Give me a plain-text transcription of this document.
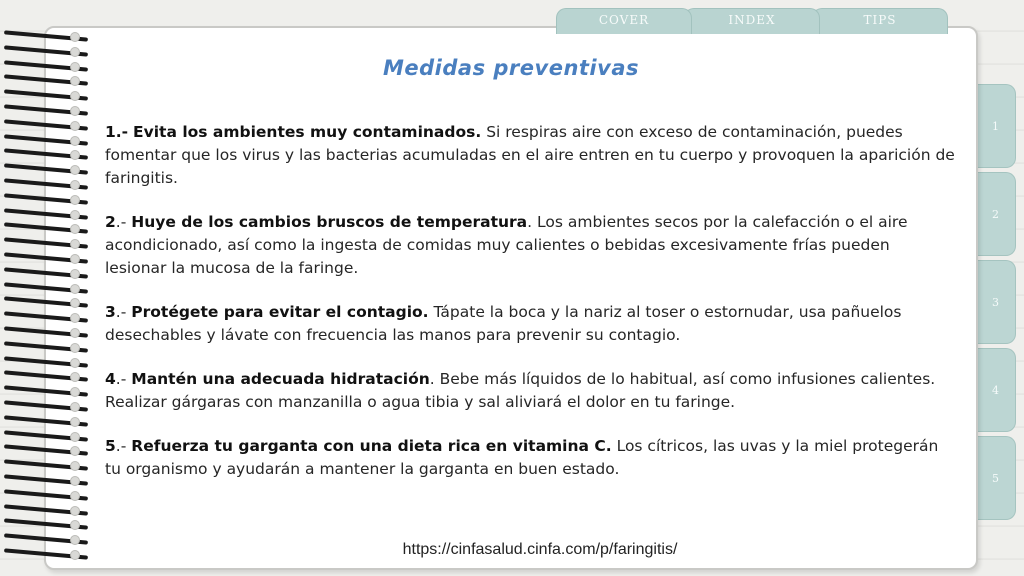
COVER	INDEX	TIPS
1
2
3
4
5
Medidas preventivas

1.- Evita los ambientes muy contaminados. Si respiras aire con exceso de contaminación, puedes fomentar que los virus y las bacterias acumuladas en el aire entren en tu cuerpo y provoquen la aparición de faringitis.

2.- Huye de los cambios bruscos de temperatura. Los ambientes secos por la calefacción o el aire acondicionado, así como la ingesta de comidas muy calientes o bebidas excesivamente frías pueden lesionar la mucosa de la faringe.

3.- Protégete para evitar el contagio. Tápate la boca y la nariz al toser o estornudar, usa pañuelos desechables y lávate con frecuencia las manos para prevenir su contagio.

4.- Mantén una adecuada hidratación. Bebe más líquidos de lo habitual, así como infusiones calientes. Realizar gárgaras con manzanilla o agua tibia y sal aliviará el dolor en tu faringe.

5.- Refuerza tu garganta con una dieta rica en vitamina C. Los cítricos, las uvas y la miel protegerán tu organismo y ayudarán a mantener la garganta en buen estado.

https://cinfasalud.cinfa.com/p/faringitis/
